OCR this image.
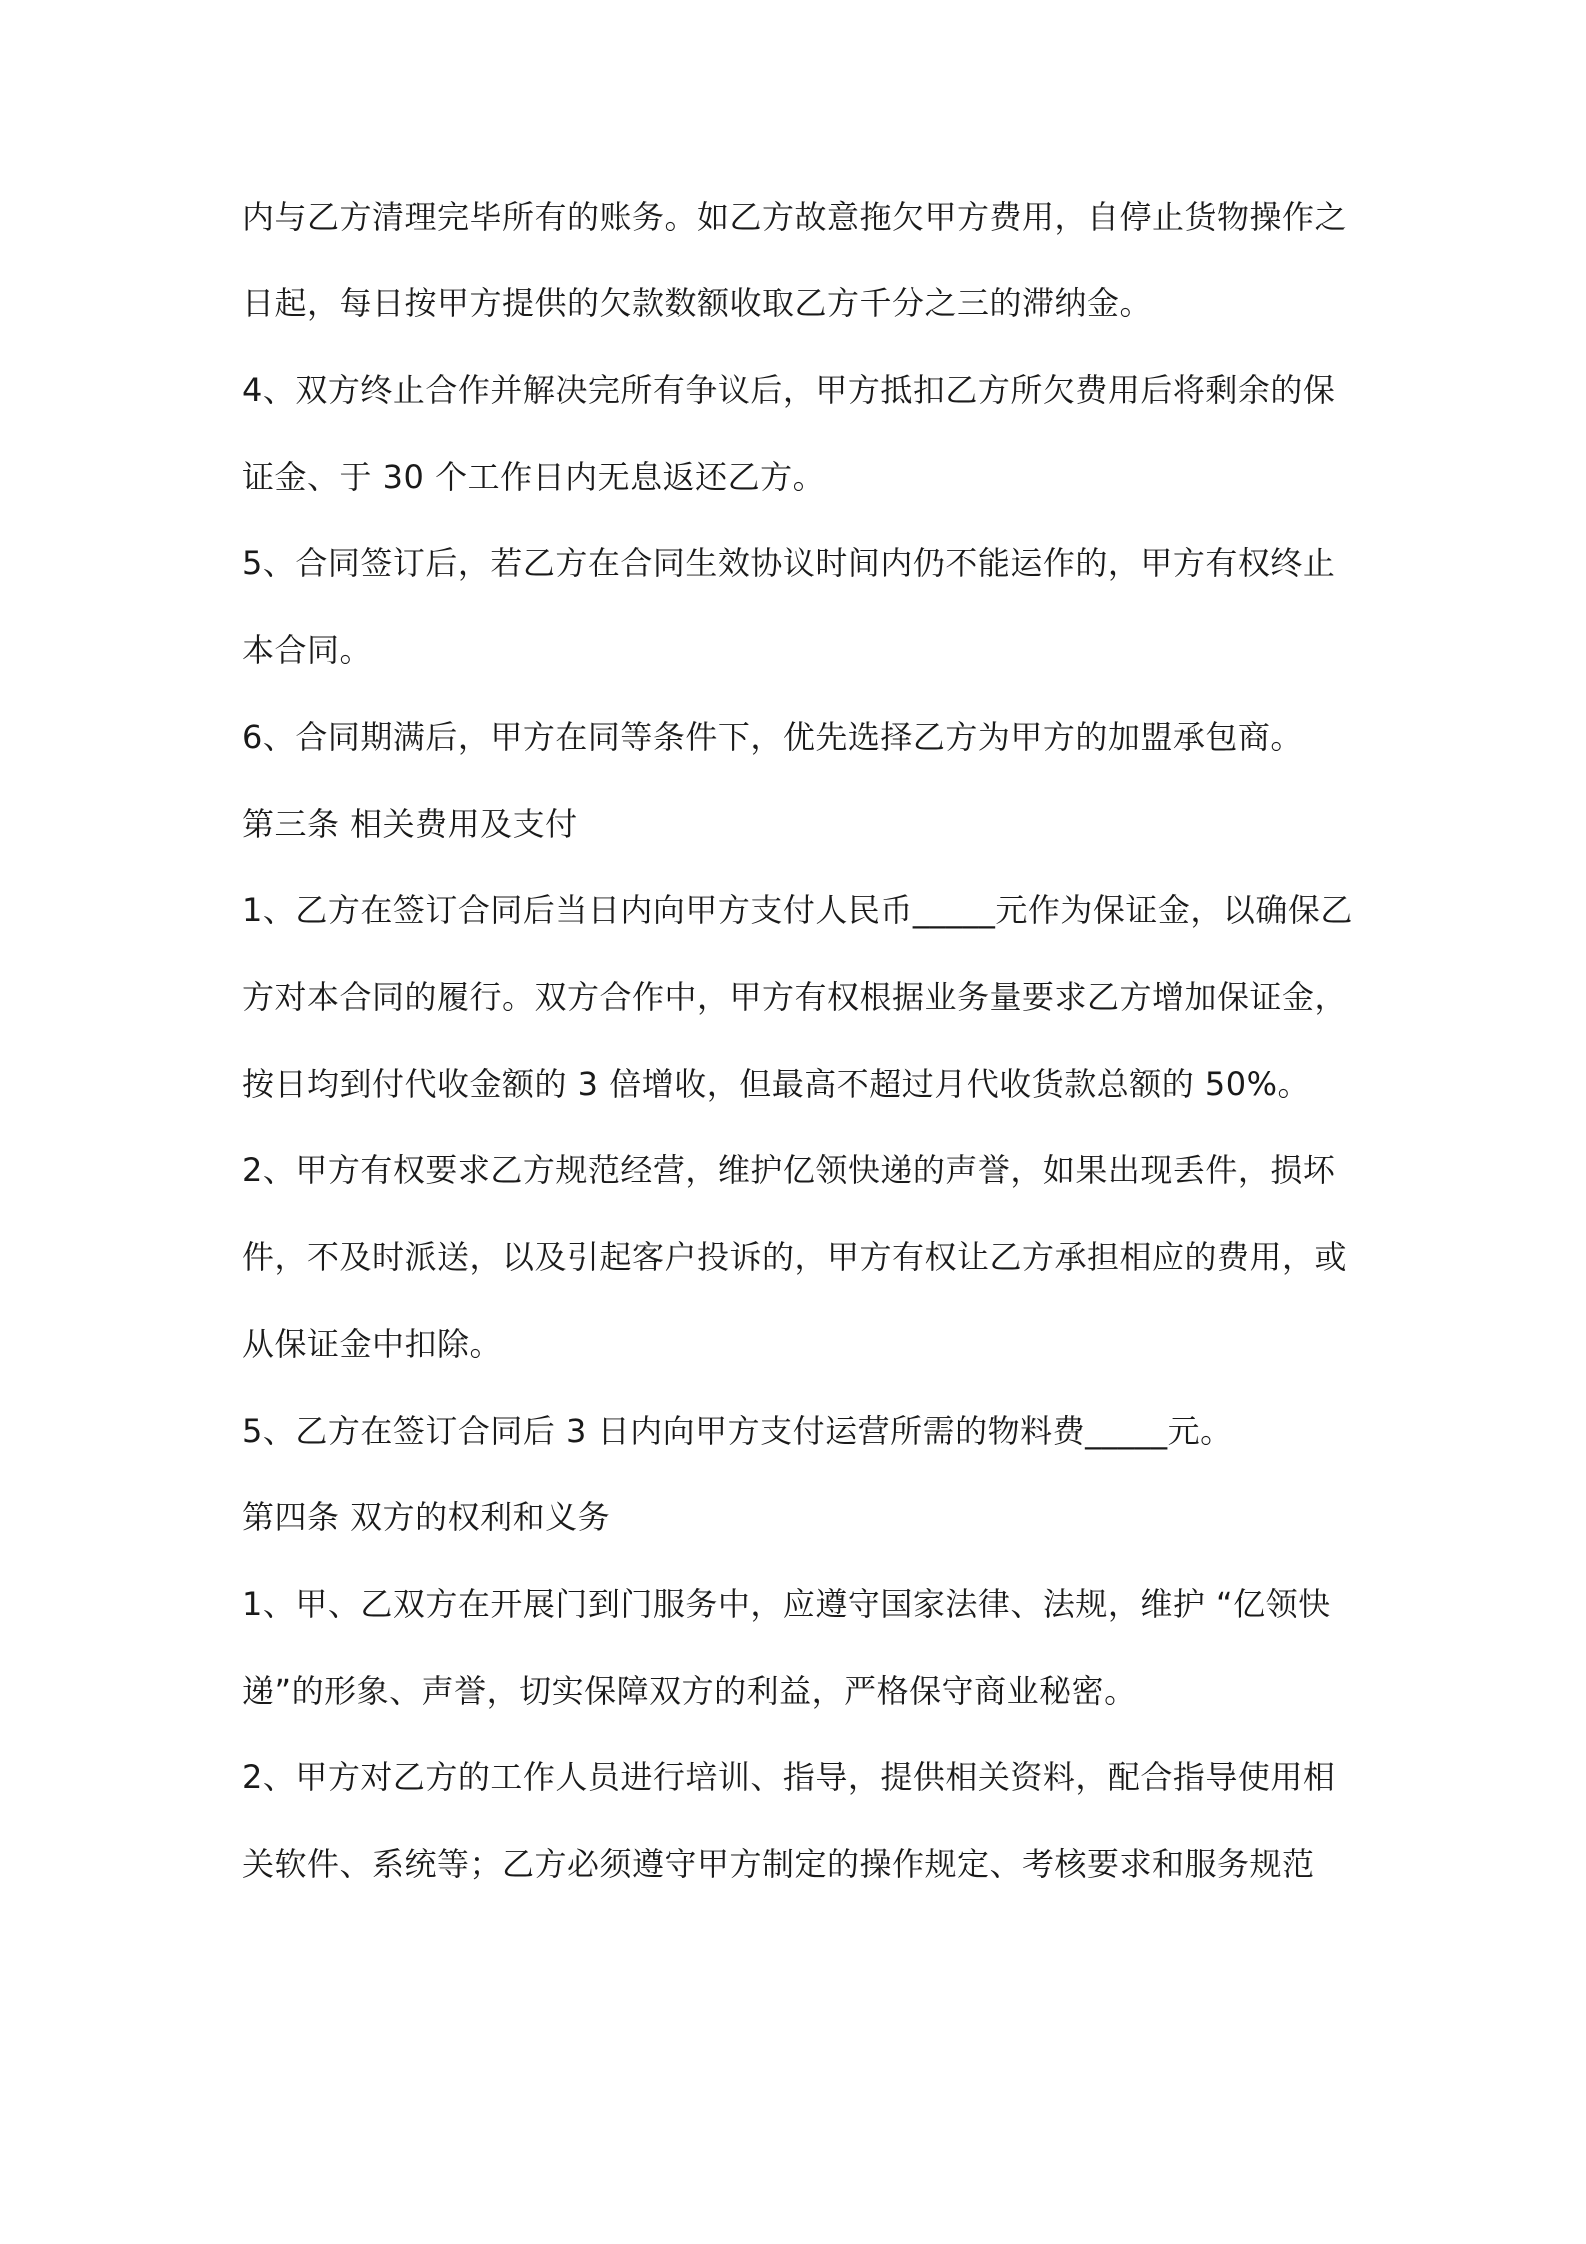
内与乙方清理完毕所有的账务。如乙方故意拖欠甲方费用，自停止货物操作之

日起，每日按甲方提供的欠款数额收取乙方千分之三的滞纳金。

4、双方终止合作并解决完所有争议后，甲方抵扣乙方所欠费用后将剩余的保

证金、于 30 个工作日内无息返还乙方。

5、合同签订后，若乙方在合同生效协议时间内仍不能运作的，甲方有权终止

本合同。

6、合同期满后，甲方在同等条件下，优先选择乙方为甲方的加盟承包商。

第三条 相关费用及支付

1、乙方在签订合同后当日内向甲方支付人民币_____元作为保证金，以确保乙

方对本合同的履行。双方合作中，甲方有权根据业务量要求乙方增加保证金，

按日均到付代收金额的 3 倍增收，但最高不超过月代收货款总额的 50%。

2、甲方有权要求乙方规范经营，维护亿领快递的声誉，如果出现丢件，损坏

件，不及时派送，以及引起客户投诉的，甲方有权让乙方承担相应的费用，或

从保证金中扣除。

5、乙方在签订合同后 3 日内向甲方支付运营所需的物料费_____元。

第四条 双方的权利和义务

1、甲、乙双方在开展门到门服务中，应遵守国家法律、法规，维护 “亿领快

递”的形象、声誉，切实保障双方的利益，严格保守商业秘密。

2、甲方对乙方的工作人员进行培训、指导，提供相关资料，配合指导使用相

关软件、系统等；乙方必须遵守甲方制定的操作规定、考核要求和服务规范
